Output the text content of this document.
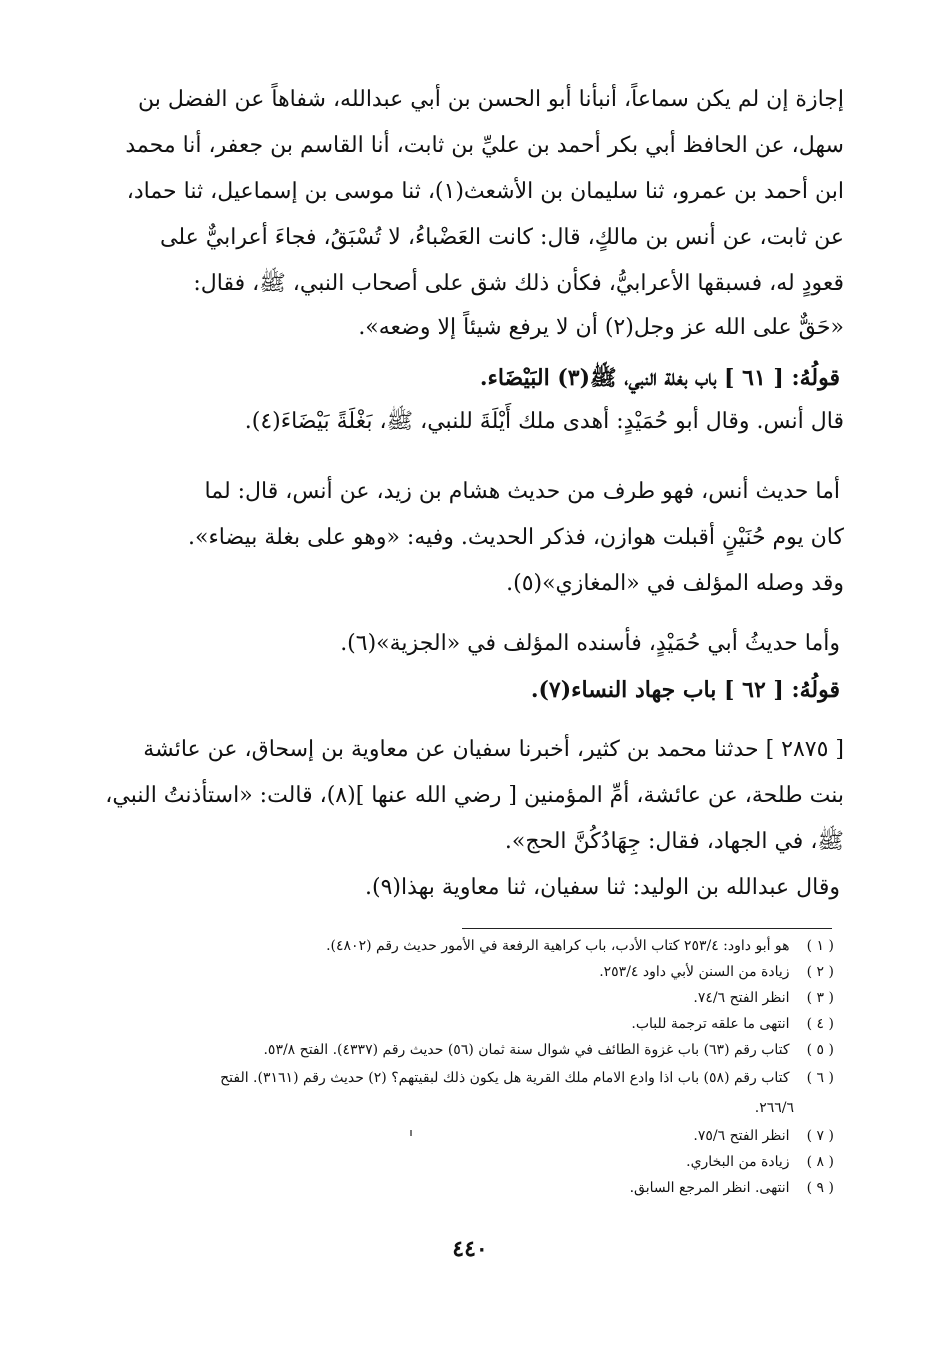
إجازة إن لم يكن سماعاً، أنبأنا أبو الحسن بن أبي عبدالله، شفاهاً عن الفضل بن
سهل، عن الحافظ أبي بكر أحمد بن عليِّ بن ثابت، أنا القاسم بن جعفر، أنا محمد
ابن أحمد بن عمرو، ثنا سليمان بن الأشعث(١)، ثنا موسى بن إسماعيل، ثنا حماد،
عن ثابت، عن أنس بن مالكٍ، قال: كانت العَضْباءُ، لا تُسْبَقُ، فجاءَ أعرابيٌّ على
قعودٍ له، فسبقها الأعرابيُّ، فكأن ذلك شق على أصحاب النبي، ﷺ، فقال:
«حَقٌّ على الله عز وجل(٢) أن لا يرفع شيئاً إلا وضعه».
قولُهُ: [ ٦١ ] باب بغلة النبي، ﷺ(٣) البَيْضَاء.
قال أنس. وقال أبو حُمَيْدٍ: أهدى ملك أَيْلَةَ للنبي، ﷺ، بَغْلَةً بَيْضَاءَ(٤).
أما حديث أنس، فهو طرف من حديث هشام بن زيد، عن أنس، قال: لما
كان يوم حُنَيْنٍ أقبلت هوازن، فذكر الحديث. وفيه: «وهو على بغلة بيضاء».
وقد وصله المؤلف في «المغازي»(٥).
وأما حديثُ أبي حُمَيْدٍ، فأسنده المؤلف في «الجزية»(٦).
قولُهُ: [ ٦٢ ] باب جهاد النساء(٧).
[ ٢٨٧٥ ] حدثنا محمد بن كثير، أخبرنا سفيان عن معاوية بن إسحاق، عن عائشة
بنت طلحة، عن عائشة، أمِّ المؤمنين [ رضي الله عنها ](٨)، قالت: «استأذنتُ النبي،
ﷺ، في الجهاد، فقال: جِهَادُكُنَّ الحج».
وقال عبدالله بن الوليد: ثنا سفيان، ثنا معاوية بهذا(٩).
( ١ ) هو أبو داود: ٢٥٣/٤ كتاب الأدب، باب كراهية الرفعة في الأمور حديث رقم (٤٨٠٢).
( ٢ ) زيادة من السنن لأبي داود ٢٥٣/٤.
( ٣ ) انظر الفتح ٧٤/٦.
( ٤ ) انتهى ما علقه ترجمة للباب.
( ٥ ) كتاب رقم (٦٣) باب غزوة الطائف في شوال سنة ثمان (٥٦) حديث رقم (٤٣٣٧). الفتح ٥٣/٨.
( ٦ ) كتاب رقم (٥٨) باب اذا وادع الامام ملك القرية هل يكون ذلك لبقيتهم؟ (٢) حديث رقم (٣١٦١). الفتح
٢٦٦/٦.
( ٧ ) انظر الفتح ٧٥/٦.
( ٨ ) زيادة من البخاري.
( ٩ ) انتهى. انظر المرجع السابق.
٤٤٠
